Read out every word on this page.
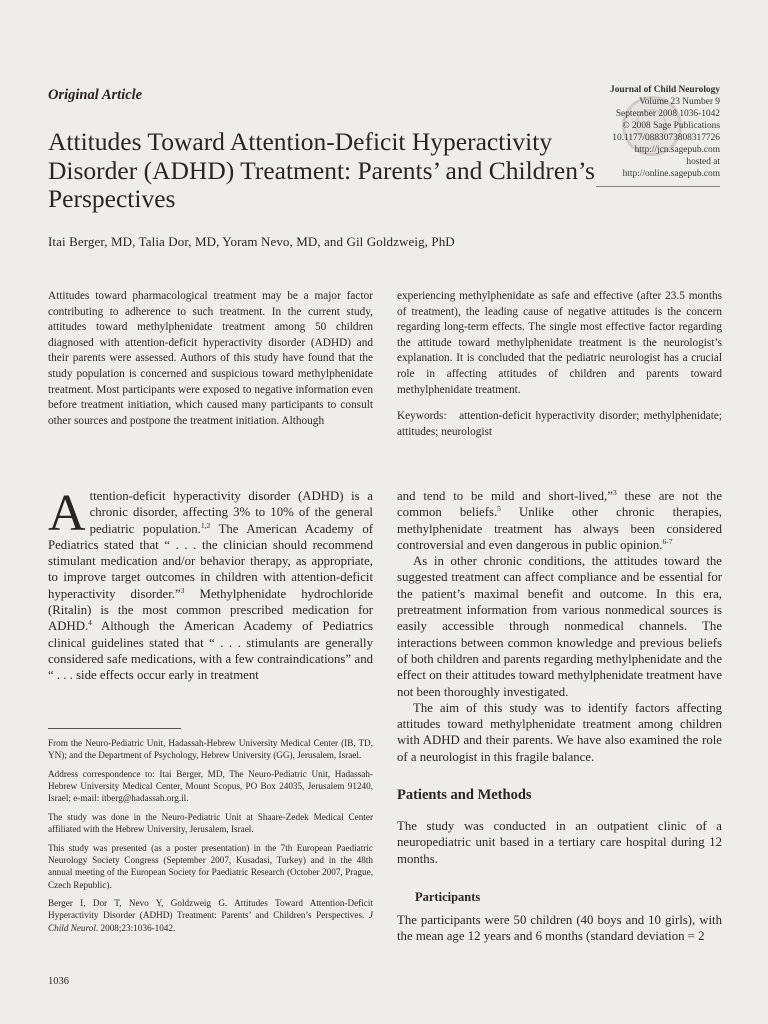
Original Article	Journal of Child Neurology
Volume 23 Number 9
September 2008 1036-1042
© 2008 Sage Publications
10.1177/0883073808317726
http://jcn.sagepub.com
hosted at
http://online.sagepub.com
Attitudes Toward Attention-Deficit Hyperactivity Disorder (ADHD) Treatment: Parents’ and Children’s Perspectives
Itai Berger, MD, Talia Dor, MD, Yoram Nevo, MD, and Gil Goldzweig, PhD

Attitudes toward pharmacological treatment may be a major factor contributing to adherence to such treatment. In the current study, attitudes toward methylphenidate treatment among 50 children diagnosed with attention-deficit hyperactivity disorder (ADHD) and their parents were assessed. Authors of this study have found that the study population is concerned and suspicious toward methylphenidate treatment. Most participants were exposed to negative information even before treatment initiation, which caused many participants to consult other sources and postpone the treatment initiation. Although

experiencing methylphenidate as safe and effective (after 23.5 months of treatment), the leading cause of negative attitudes is the concern regarding long-term effects. The single most effective factor regarding the attitude toward methylphenidate treatment is the neurologist’s explanation. It is concluded that the pediatric neurologist has a crucial role in affecting attitudes of children and parents toward methylphenidate treatment.

Keywords:   attention-deficit hyperactivity disorder; methylphenidate; attitudes; neurologist

Attention-deficit hyperactivity disorder (ADHD) is a chronic disorder, affecting 3% to 10% of the general pediatric population.$^{1,2}$ The American Academy of Pediatrics stated that “ . . . the clinician should recommend stimulant medication and/or behavior therapy, as appropriate, to improve target outcomes in children with attention-deficit hyperactivity disorder.”$^3$ Methylphenidate hydrochloride (Ritalin) is the most common prescribed medication for ADHD.$^4$ Although the American Academy of Pediatrics clinical guidelines stated that “ . . . stimulants are generally considered safe medications, with a few contraindications” and “ . . . side effects occur early in treatment

and tend to be mild and short-lived,”$^3$ these are not the common beliefs.$^5$ Unlike other chronic therapies, methylphenidate treatment has always been considered controversial and even dangerous in public opinion.$^{6-7}$

As in other chronic conditions, the attitudes toward the suggested treatment can affect compliance and be essential for the patient’s maximal benefit and outcome. In this era, pretreatment information from various nonmedical sources is easily accessible through nonmedical channels. The interactions between common knowledge and previous beliefs of both children and parents regarding methylphenidate and the effect on their attitudes toward methylphenidate treatment have not been thoroughly investigated.

The aim of this study was to identify factors affecting attitudes toward methylphenidate treatment among children with ADHD and their parents. We have also examined the role of a neurologist in this fragile balance.

Patients and Methods

The study was conducted in an outpatient clinic of a neuropediatric unit based in a tertiary care hospital during 12 months.

Participants

The participants were 50 children (40 boys and 10 girls), with the mean age 12 years and 6 months (standard deviation = 2

From the Neuro-Pediatric Unit, Hadassah-Hebrew University Medical Center (IB, TD, YN); and the Department of Psychology, Hebrew University (GG), Jerusalem, Israel.

Address correspondence to: Itai Berger, MD, The Neuro-Pediatric Unit, Hadassah-Hebrew University Medical Center, Mount Scopus, PO Box 24035, Jerusalem 91240, Israel; e-mail: itberg@hadassah.org.il.

The study was done in the Neuro-Pediatric Unit at Shaare-Zedek Medical Center affiliated with the Hebrew University, Jerusalem, Israel.

This study was presented (as a poster presentation) in the 7th European Paediatric Neurology Society Congress (September 2007, Kusadasi, Turkey) and in the 48th annual meeting of the European Society for Paediatric Research (October 2007, Prague, Czech Republic).

Berger I, Dor T, Nevo Y, Goldzweig G. Attitudes Toward Attention-Deficit Hyperactivity Disorder (ADHD) Treatment: Parents’ and Children’s Perspectives. J Child Neurol. 2008;23:1036-1042.

1036
